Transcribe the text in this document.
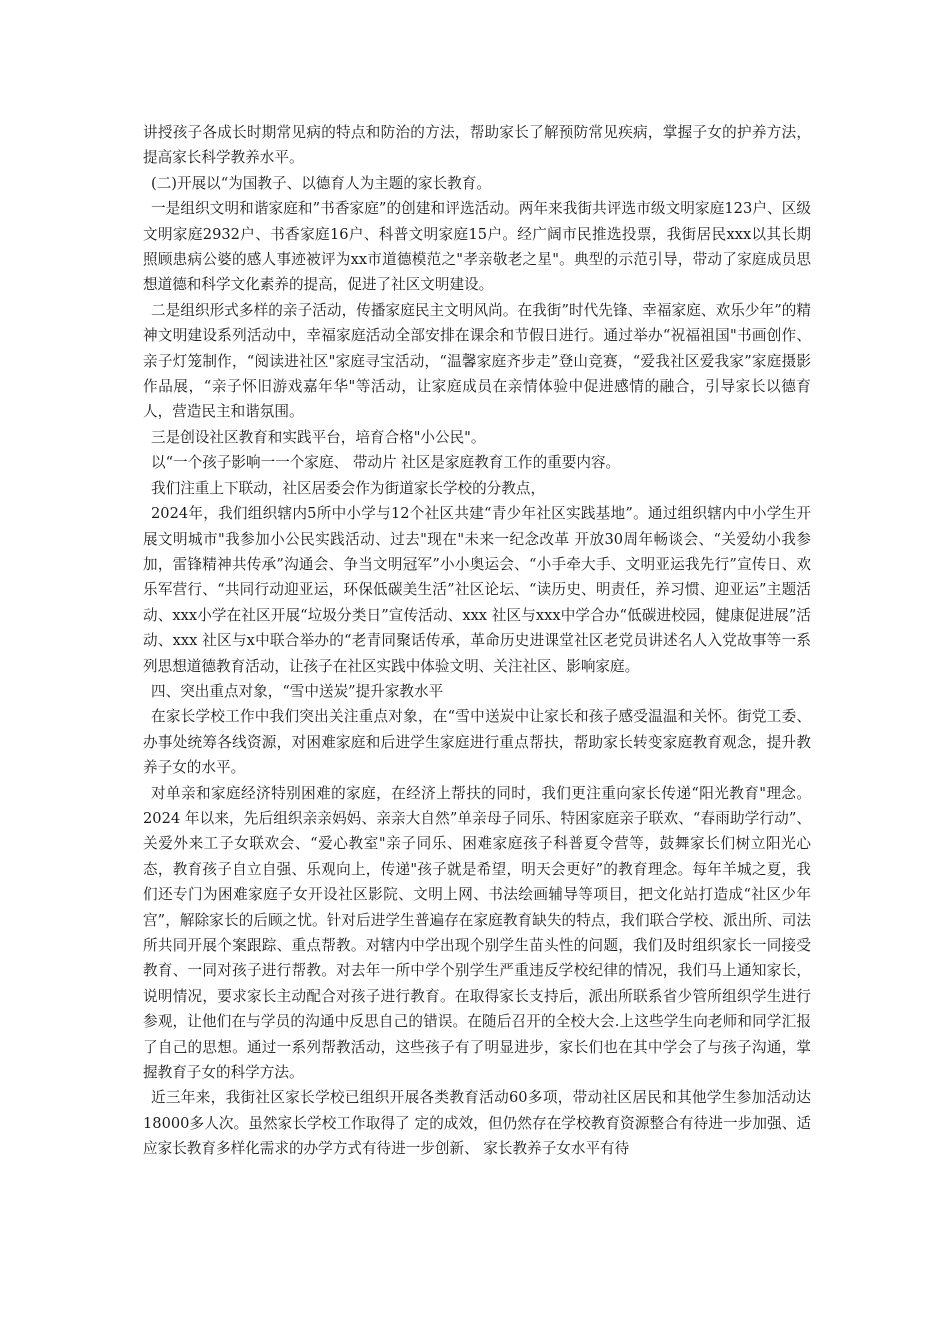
讲授孩子各成长时期常见病的特点和防治的方法，帮助家长了解预防常见疾病，掌握子女的护养方法，提高家长科学教养水平。

(二)开展以“为国教子、以德育人为主题的家长教育。

一是组织文明和谐家庭和”书香家庭”的创建和评选活动。两年来我街共评选市级文明家庭123户、区级文明家庭2932户、书香家庭16户、科普文明家庭15户。经广阔市民推选投票，我街居民xxx以其长期照顾患病公婆的感人事迹被评为xx市道德模范之"孝亲敬老之星"。典型的示范引导，带动了家庭成员思想道德和科学文化素养的提高，促进了社区文明建设。

二是组织形式多样的亲子活动，传播家庭民主文明风尚。在我街”时代先锋、幸福家庭、欢乐少年”的精神文明建设系列活动中，幸福家庭活动全部安排在课余和节假日进行。通过举办“祝福祖国"书画创作、亲子灯笼制作，“阅读进社区"家庭寻宝活动，“温馨家庭齐步走”登山竞赛，“爱我社区爱我家”家庭摄影作品展，“亲子怀旧游戏嘉年华"等活动，让家庭成员在亲情体验中促进感情的融合，引导家长以德育人，营造民主和谐氛围。

三是创设社区教育和实践平台，培育合格"小公民"。

以“一个孩子影响一一个家庭、 带动片 社区是家庭教育工作的重要内容。

我们注重上下联动，社区居委会作为街道家长学校的分教点，

2024年，我们组织辖内5所中小学与12个社区共建“青少年社区实践基地”。通过组织辖内中小学生开展文明城市"我参加小公民实践活动、过去"现在"未来一纪念改革 开放30周年畅谈会、“关爱幼小我参加，雷锋精神共传承”沟通会、争当文明冠军”小小奥运会、“小手牵大手、文明亚运我先行”宣传日、欢乐军营行、“共同行动迎亚运，环保低碳美生活”社区论坛、“读历史、明责任，养习惯、迎亚运”主题活动、xxx小学在社区开展“垃圾分类日”宣传活动、xxx 社区与xxx中学合办“低碳进校园，健康促进展”活动、xxx 社区与x中联合举办的“老青同聚话传承，革命历史进课堂社区老党员讲述名人入党故事等一系列思想道德教育活动，让孩子在社区实践中体验文明、关注社区、影响家庭。

四、突出重点对象，“雪中送炭”提升家教水平

在家长学校工作中我们突出关注重点对象，在“雪中送炭中让家长和孩子感受温温和关怀。街党工委、办事处统筹各线资源，对困难家庭和后进学生家庭进行重点帮扶，帮助家长转变家庭教育观念，提升教养子女的水平。

对单亲和家庭经济特别困难的家庭，在经济上帮扶的同时，我们更注重向家长传递“阳光教育"理念。2024 年以来，先后组织亲亲妈妈、亲亲大自然”单亲母子同乐、特困家庭亲子联欢、“春雨助学行动”、关爱外来工子女联欢会、“爱心教室"亲子同乐、困难家庭孩子科普夏令营等，鼓舞家长们树立阳光心态，教育孩子自立自强、乐观向上，传递"孩子就是希望，明天会更好”的教育理念。每年羊城之夏，我们还专门为困难家庭子女开设社区影院、文明上网、书法绘画辅导等项目，把文化站打造成“社区少年宫”，解除家长的后顾之忧。针对后进学生普遍存在家庭教育缺失的特点，我们联合学校、派出所、司法所共同开展个案跟踪、重点帮教。对辖内中学出现个别学生苗头性的问题，我们及时组织家长一同接受教育、一同对孩子进行帮教。对去年一所中学个别学生严重违反学校纪律的情况，我们马上通知家长，说明情况，要求家长主动配合对孩子进行教育。在取得家长支持后，派出所联系省少管所组织学生进行参观，让他们在与学员的沟通中反思自己的错误。在随后召开的全校大会.上这些学生向老师和同学汇报了自己的思想。通过一系列帮教活动，这些孩子有了明显进步，家长们也在其中学会了与孩子沟通，掌握教育子女的科学方法。

近三年来，我街社区家长学校已组织开展各类教育活动60多项，带动社区居民和其他学生参加活动达18000多人次。虽然家长学校工作取得了 定的成效，但仍然存在学校教育资源整合有待进一步加强、适应家长教育多样化需求的办学方式有待进一步创新、 家长教养子女水平有待
